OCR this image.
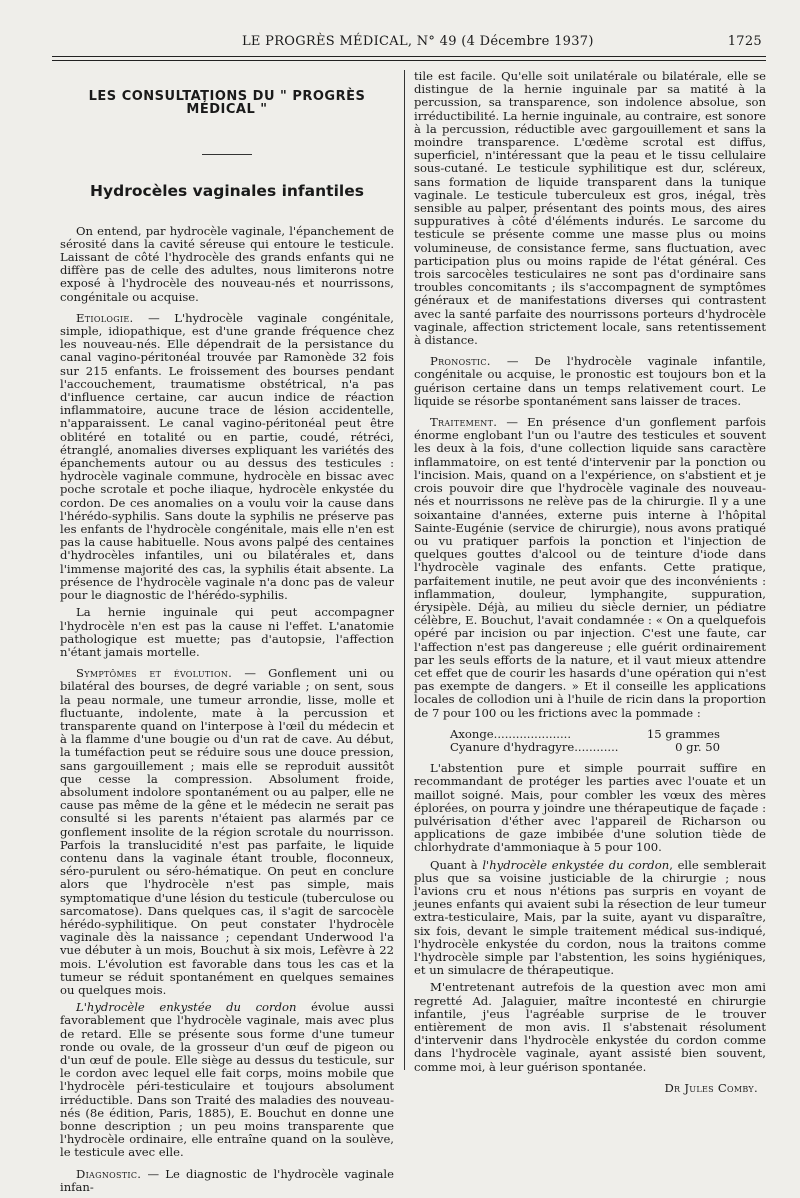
LE PROGRÈS MÉDICAL, N° 49 (4 Décembre 1937)	1725
LES CONSULTATIONS DU " PROGRÈS MÉDICAL "
Hydrocèles vaginales infantiles

On entend, par hydrocèle vaginale, l'épanchement de sérosité dans la cavité séreuse qui entoure le testicule. Laissant de côté l'hydrocèle des grands enfants qui ne diffère pas de celle des adultes, nous limiterons notre exposé à l'hydrocèle des nouveau-nés et nourrissons, congénitale ou acquise.

Etiologie. — L'hydrocèle vaginale congénitale, simple, idiopathique, est d'une grande fréquence chez les nouveau-nés. Elle dépendrait de la persistance du canal vagino-péritonéal trouvée par Ramonède 32 fois sur 215 enfants. Le froissement des bourses pendant l'accouchement, traumatisme obstétrical, n'a pas d'influence certaine, car aucun indice de réaction inflammatoire, aucune trace de lésion accidentelle, n'apparaissent. Le canal vagino-péritonéal peut être oblitéré en totalité ou en partie, coudé, rétréci, étranglé, anomalies diverses expliquant les variétés des épanchements autour ou au dessus des testicules : hydrocèle vaginale commune, hydrocèle en bissac avec poche scrotale et poche iliaque, hydrocèle enkystée du cordon. De ces anomalies on a voulu voir la cause dans l'hérédo-syphilis. Sans doute la syphilis ne préserve pas les enfants de l'hydrocèle congénitale, mais elle n'en est pas la cause habituelle. Nous avons palpé des centaines d'hydrocèles infantiles, uni ou bilatérales et, dans l'immense majorité des cas, la syphilis était absente. La présence de l'hydrocèle vaginale n'a donc pas de valeur pour le diagnostic de l'hérédo-syphilis.

La hernie inguinale qui peut accompagner l'hydrocèle n'en est pas la cause ni l'effet. L'anatomie pathologique est muette; pas d'autopsie, l'affection n'étant jamais mortelle.

Symptômes et évolution. — Gonflement uni ou bilatéral des bourses, de degré variable ; on sent, sous la peau normale, une tumeur arrondie, lisse, molle et fluctuante, indolente, mate à la percussion et transparente quand on l'interpose à l'œil du médecin et à la flamme d'une bougie ou d'un rat de cave. Au début, la tuméfaction peut se réduire sous une douce pression, sans gargouillement ; mais elle se reproduit aussitôt que cesse la compression. Absolument froide, absolument indolore spontanément ou au palper, elle ne cause pas même de la gêne et le médecin ne serait pas consulté si les parents n'étaient pas alarmés par ce gonflement insolite de la région scrotale du nourrisson. Parfois la translucidité n'est pas parfaite, le liquide contenu dans la vaginale étant trouble, floconneux, séro-purulent ou séro-hématique. On peut en conclure alors que l'hydrocèle n'est pas simple, mais symptomatique d'une lésion du testicule (tuberculose ou sarcomatose). Dans quelques cas, il s'agit de sarcocèle hérédo-syphilitique. On peut constater l'hydrocèle vaginale dès la naissance ; cependant Underwood l'a vue débuter à un mois, Bouchut à six mois, Lefèvre à 22 mois. L'évolution est favorable dans tous les cas et la tumeur se réduit spontanément en quelques semaines ou quelques mois.

L'hydrocèle enkystée du cordon évolue aussi favorablement que l'hydrocèle vaginale, mais avec plus de retard. Elle se présente sous forme d'une tumeur ronde ou ovale, de la grosseur d'un œuf de pigeon ou d'un œuf de poule. Elle siège au dessus du testicule, sur le cordon avec lequel elle fait corps, moins mobile que l'hydrocèle péri-testiculaire et toujours absolument irréductible. Dans son Traité des maladies des nouveau-nés (8e édition, Paris, 1885), E. Bouchut en donne une bonne description ; un peu moins transparente que l'hydrocèle ordinaire, elle entraîne quand on la soulève, le testicule avec elle.

Diagnostic. — Le diagnostic de l'hydrocèle vaginale infan-

tile est facile. Qu'elle soit unilatérale ou bilatérale, elle se distingue de la hernie inguinale par sa matité à la percussion, sa transparence, son indolence absolue, son irréductibilité. La hernie inguinale, au contraire, est sonore à la percussion, réductible avec gargouillement et sans la moindre transparence. L'œdème scrotal est diffus, superficiel, n'intéressant que la peau et le tissu cellulaire sous-cutané. Le testicule syphilitique est dur, scléreux, sans formation de liquide transparent dans la tunique vaginale. Le testicule tuberculeux est gros, inégal, très sensible au palper, présentant des points mous, des aires suppuratives à côté d'éléments indurés. Le sarcome du testicule se présente comme une masse plus ou moins volumineuse, de consistance ferme, sans fluctuation, avec participation plus ou moins rapide de l'état général. Ces trois sarcocèles testiculaires ne sont pas d'ordinaire sans troubles concomitants ; ils s'accompagnent de symptômes généraux et de manifestations diverses qui contrastent avec la santé parfaite des nourrissons porteurs d'hydrocèle vaginale, affection strictement locale, sans retentissement à distance.

Pronostic. — De l'hydrocèle vaginale infantile, congénitale ou acquise, le pronostic est toujours bon et la guérison certaine dans un temps relativement court. Le liquide se résorbe spontanément sans laisser de traces.

Traitement. — En présence d'un gonflement parfois énorme englobant l'un ou l'autre des testicules et souvent les deux à la fois, d'une collection liquide sans caractère inflammatoire, on est tenté d'intervenir par la ponction ou l'incision. Mais, quand on a l'expérience, on s'abstient et je crois pouvoir dire que l'hydrocèle vaginale des nouveau-nés et nourrissons ne relève pas de la chirurgie. Il y a une soixantaine d'années, externe puis interne à l'hôpital Sainte-Eugénie (service de chirurgie), nous avons pratiqué ou vu pratiquer parfois la ponction et l'injection de quelques gouttes d'alcool ou de teinture d'iode dans l'hydrocèle vaginale des enfants. Cette pratique, parfaitement inutile, ne peut avoir que des inconvénients : inflammation, douleur, lymphangite, suppuration, érysipèle. Déjà, au milieu du siècle dernier, un pédiatre célèbre, E. Bouchut, l'avait condamnée : « On a quelquefois opéré par incision ou par injection. C'est une faute, car l'affection n'est pas dangereuse ; elle guérit ordinairement par les seuls efforts de la nature, et il vaut mieux attendre cet effet que de courir les hasards d'une opération qui n'est pas exempte de dangers. » Et il conseille les applications locales de collodion uni à l'huile de ricin dans la proportion de 7 pour 100 ou les frictions avec la pommade :

Axonge.....................	15 grammes
Cyanure d'hydragyre............	0 gr. 50

L'abstention pure et simple pourrait suffire en recommandant de protéger les parties avec l'ouate et un maillot soigné. Mais, pour combler les vœux des mères éplorées, on pourra y joindre une thérapeutique de façade : pulvérisation d'éther avec l'appareil de Richarson ou applications de gaze imbibée d'une solution tiède de chlorhydrate d'ammoniaque à 5 pour 100.

Quant à l'hydrocèle enkystée du cordon, elle semblerait plus que sa voisine justiciable de la chirurgie ; nous l'avions cru et nous n'étions pas surpris en voyant de jeunes enfants qui avaient subi la résection de leur tumeur extra-testiculaire, Mais, par la suite, ayant vu disparaître, six fois, devant le simple traitement médical sus-indiqué, l'hydrocèle enkystée du cordon, nous la traitons comme l'hydrocèle simple par l'abstention, les soins hygiéniques, et un simulacre de thérapeutique.

M'entretenant autrefois de la question avec mon ami regretté Ad. Jalaguier, maître incontesté en chirurgie infantile, j'eus l'agréable surprise de le trouver entièrement de mon avis. Il s'abstenait résolument d'intervenir dans l'hydrocèle enkystée du cordon comme dans l'hydrocèle vaginale, ayant assisté bien souvent, comme moi, à leur guérison spontanée.

Dr Jules Comby.
